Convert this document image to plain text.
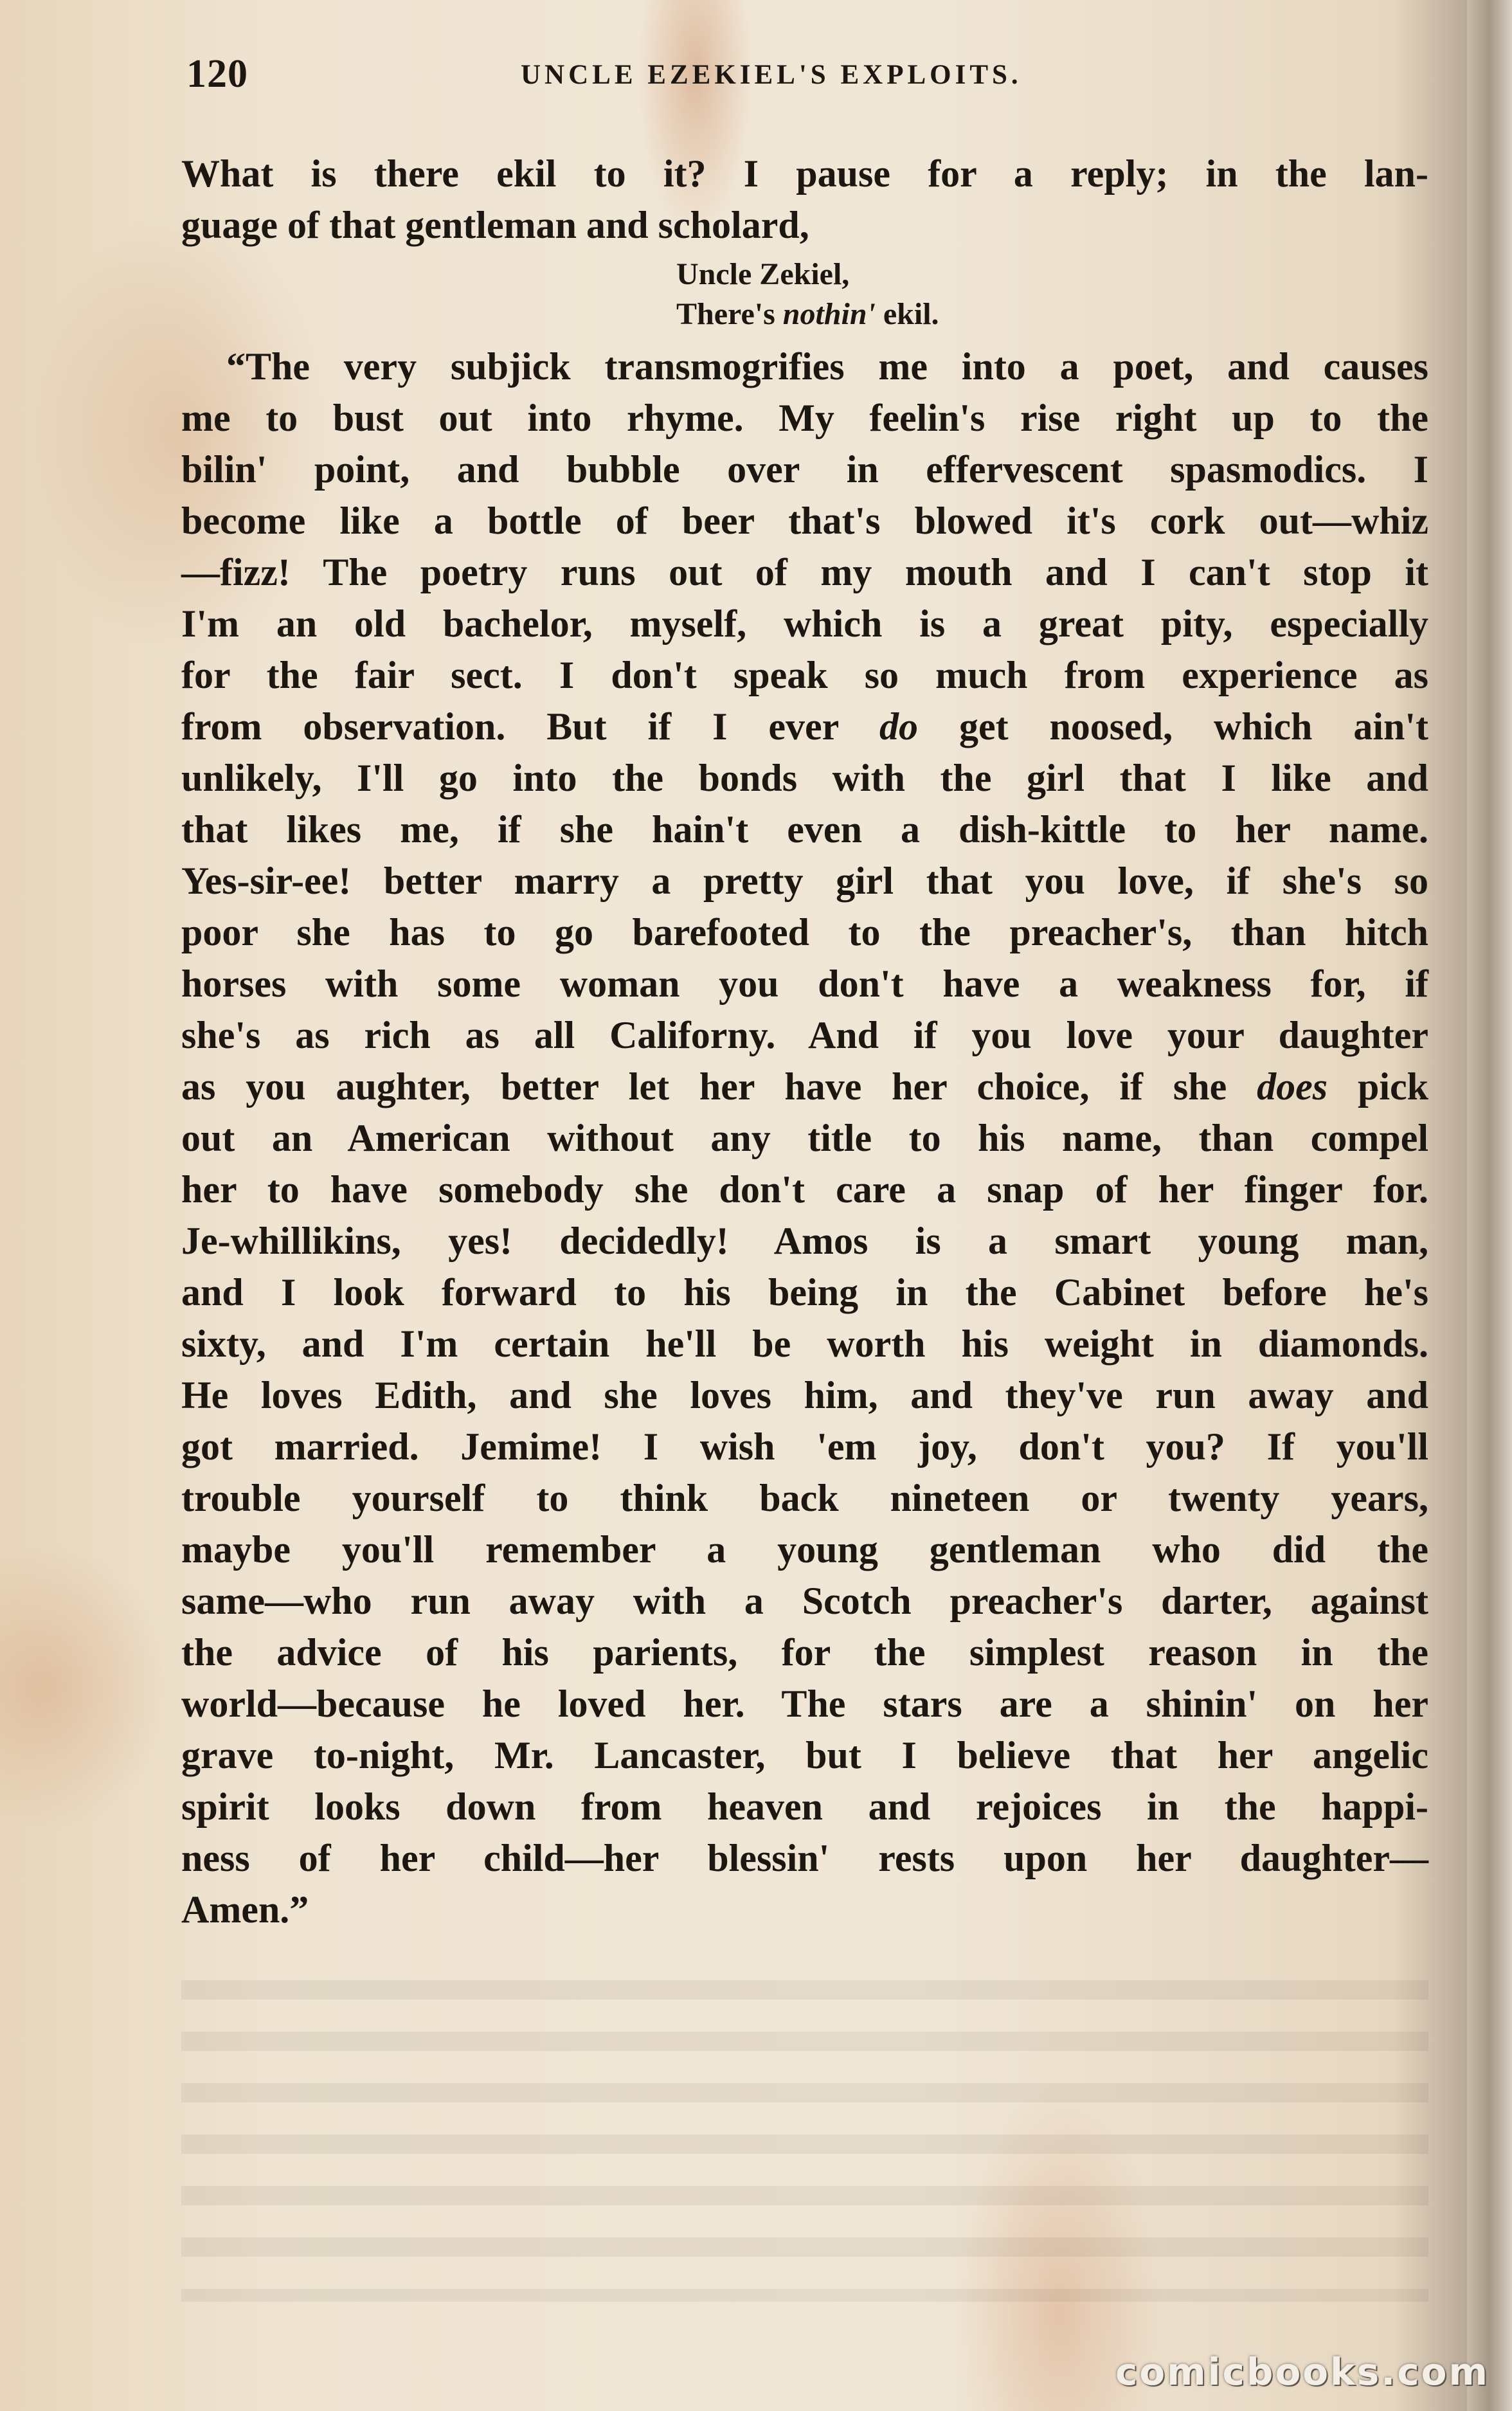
120	UNCLE EZEKIEL'S EXPLOITS.
What is there ekil to it? I pause for a reply; in the lan-
guage of that gentleman and scholard,
Uncle Zekiel,
There's nothin' ekil.
“The very subjick transmogrifies me into a poet, and causes
me to bust out into rhyme. My feelin's rise right up to the
bilin' point, and bubble over in effervescent spasmodics. I
become like a bottle of beer that's blowed it's cork out—whiz
—fizz! The poetry runs out of my mouth and I can't stop it
I'm an old bachelor, myself, which is a great pity, especially
for the fair sect. I don't speak so much from experience as
from observation. But if I ever do get noosed, which ain't
unlikely, I'll go into the bonds with the girl that I like and
that likes me, if she hain't even a dish-kittle to her name.
Yes-sir-ee! better marry a pretty girl that you love, if she's so
poor she has to go barefooted to the preacher's, than hitch
horses with some woman you don't have a weakness for, if
she's as rich as all Californy. And if you love your daughter
as you aughter, better let her have her choice, if she does pick
out an American without any title to his name, than compel
her to have somebody she don't care a snap of her finger for.
Je-whillikins, yes! decidedly! Amos is a smart young man,
and I look forward to his being in the Cabinet before he's
sixty, and I'm certain he'll be worth his weight in diamonds.
He loves Edith, and she loves him, and they've run away and
got married. Jemime! I wish 'em joy, don't you? If you'll
trouble yourself to think back nineteen or twenty years,
maybe you'll remember a young gentleman who did the
same—who run away with a Scotch preacher's darter, against
the advice of his parients, for the simplest reason in the
world—because he loved her. The stars are a shinin' on her
grave to-night, Mr. Lancaster, but I believe that her angelic
spirit looks down from heaven and rejoices in the happi-
ness of her child—her blessin' rests upon her daughter—
Amen.”
comicbooks.com
